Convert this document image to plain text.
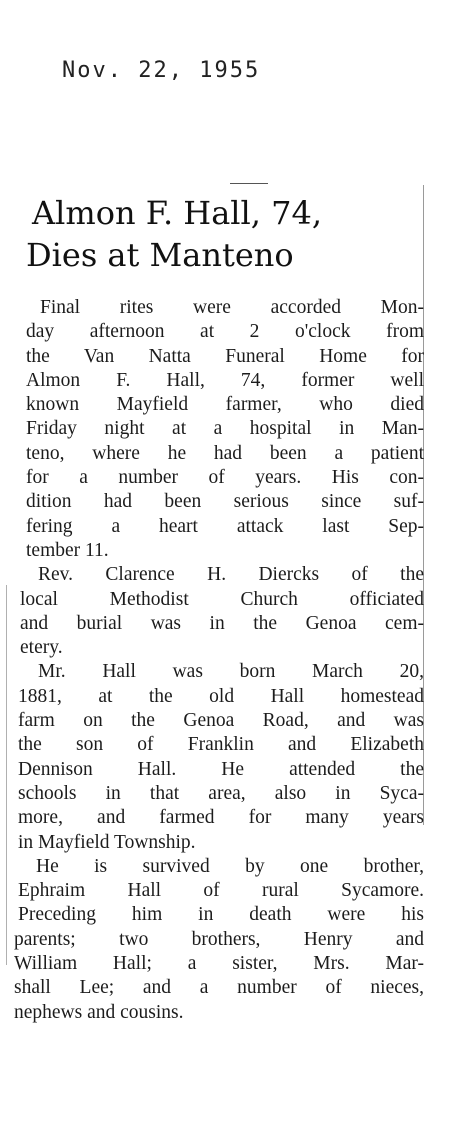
Nov. 22, 1955
Almon F. Hall, 74,
Dies at Manteno
Final rites were accorded Mon-
day afternoon at 2 o'clock from
the Van Natta Funeral Home for
Almon F. Hall, 74, former well
known Mayfield farmer, who died
Friday night at a hospital in Man-
teno, where he had been a patient
for a number of years. His con-
dition had been serious since suf-
fering a heart attack last Sep-
tember 11.
Rev. Clarence H. Diercks of the
local Methodist Church officiated
and burial was in the Genoa cem-
etery.
Mr. Hall was born March 20,
1881, at the old Hall homestead
farm on the Genoa Road, and was
the son of Franklin and Elizabeth
Dennison Hall. He attended the
schools in that area, also in Syca-
more, and farmed for many years
in Mayfield Township.
He is survived by one brother,
Ephraim Hall of rural Sycamore.
Preceding him in death were his
parents; two brothers, Henry and
William Hall; a sister, Mrs. Mar-
shall Lee; and a number of nieces,
nephews and cousins.
